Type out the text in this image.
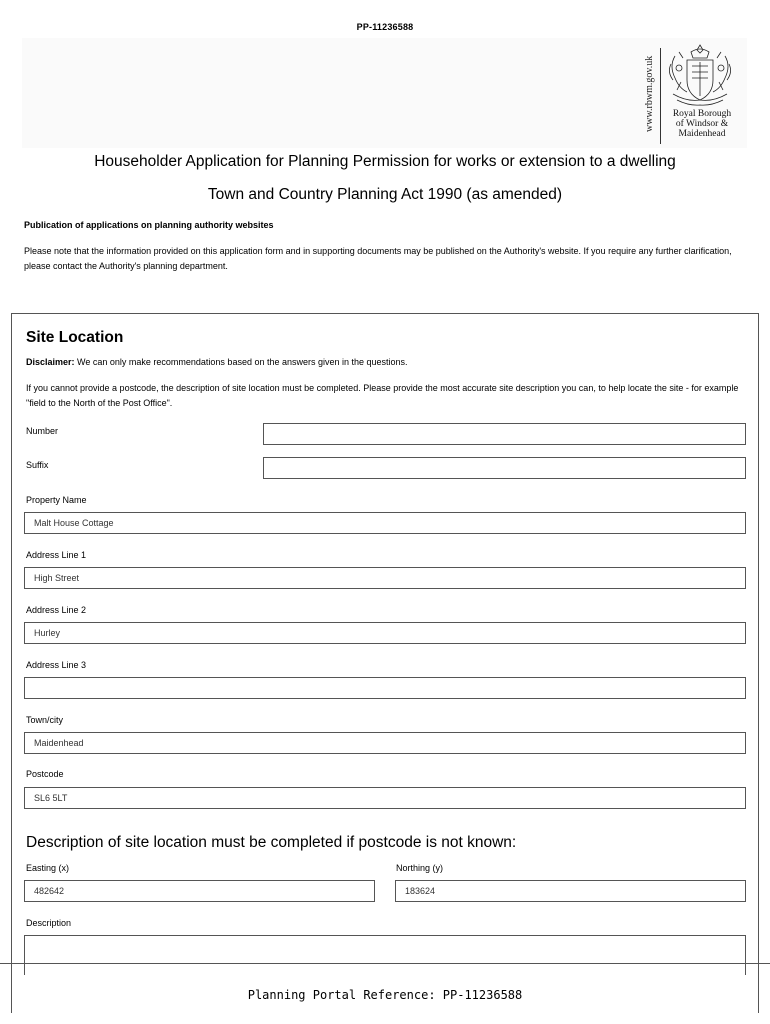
PP-11236588
www.rbwm.gov.uk	Royal Borough
of Windsor &
Maidenhead
Householder Application for Planning Permission for works or extension to a dwelling
Town and Country Planning Act 1990 (as amended)
Publication of applications on planning authority websites
Please note that the information provided on this application form and in supporting documents may be published on the Authority's website. If you require any further clarification, please contact the Authority's planning department.
Site Location
Disclaimer: We can only make recommendations based on the answers given in the questions.
If you cannot provide a postcode, the description of site location must be completed. Please provide the most accurate site description you can, to help locate the site - for example "field to the North of the Post Office".
Number
Suffix
Property Name
Malt House Cottage
Address Line 1
High Street
Address Line 2
Hurley
Address Line 3
Town/city
Maidenhead
Postcode
SL6 5LT
Description of site location must be completed if postcode is not known:
Easting (x)
482642
Northing (y)
183624
Description
Planning Portal Reference: PP-11236588
